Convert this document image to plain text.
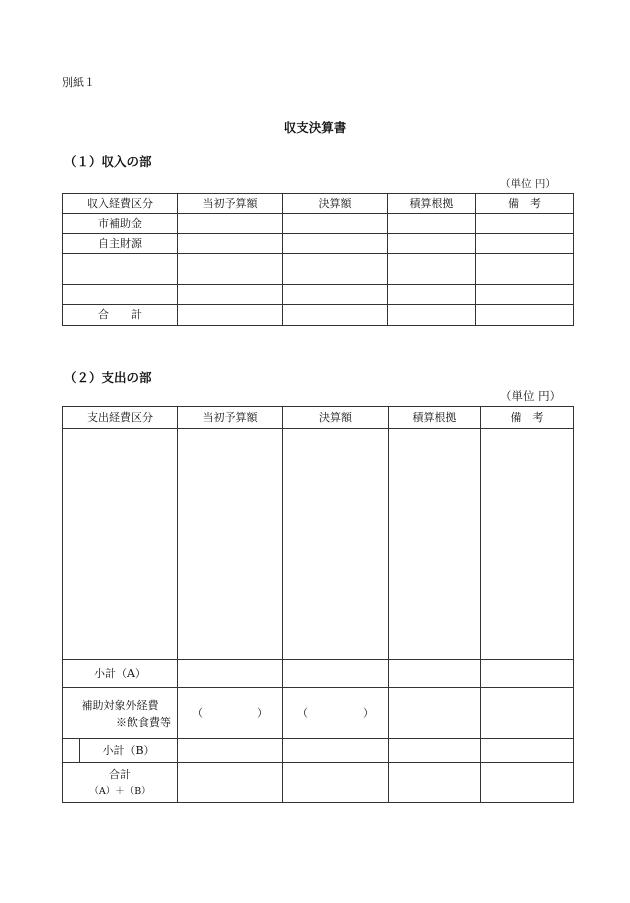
別紙１
収支決算書
（１）収入の部
（単位 円）
収入経費区分	当初予算額	決算額	積算根拠	備　考
市補助金				
自主財源				

合　　計				
（２）支出の部
（単位 円）
支出経費区分	当初予算額	決算額	積算根拠	備　考

小計（A）				

補助対象外経費
※飲食費等	（ ）	（ ）		

小計（B）				

合計
（A）＋（B）				
